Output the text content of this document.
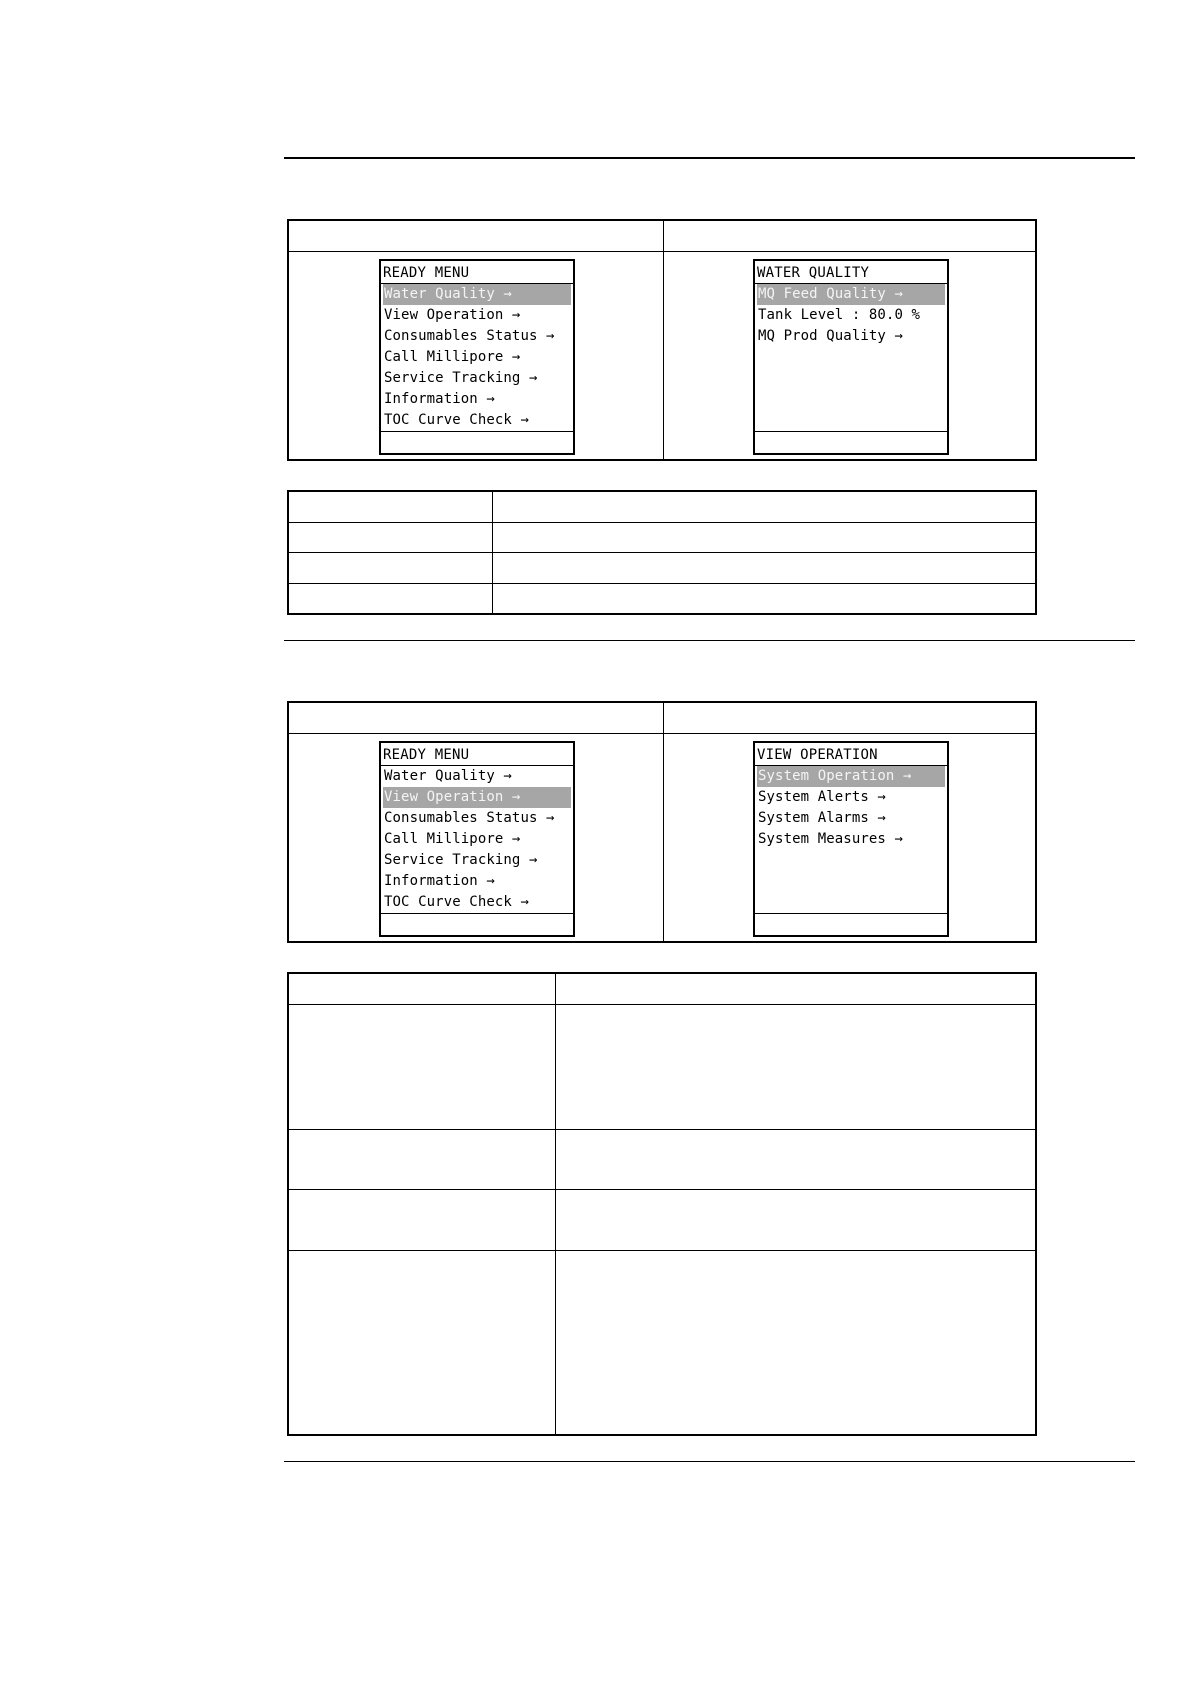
READY MENU
Water Quality →
View Operation →
Consumables Status →
Call Millipore →
Service Tracking →
Information →
TOC Curve Check →
WATER QUALITY
MQ Feed Quality →
Tank Level : 80.0 %
MQ Prod Quality →
READY MENU
Water Quality →
View Operation →
Consumables Status →
Call Millipore →
Service Tracking →
Information →
TOC Curve Check →
VIEW OPERATION
System Operation →
System Alerts →
System Alarms →
System Measures →
